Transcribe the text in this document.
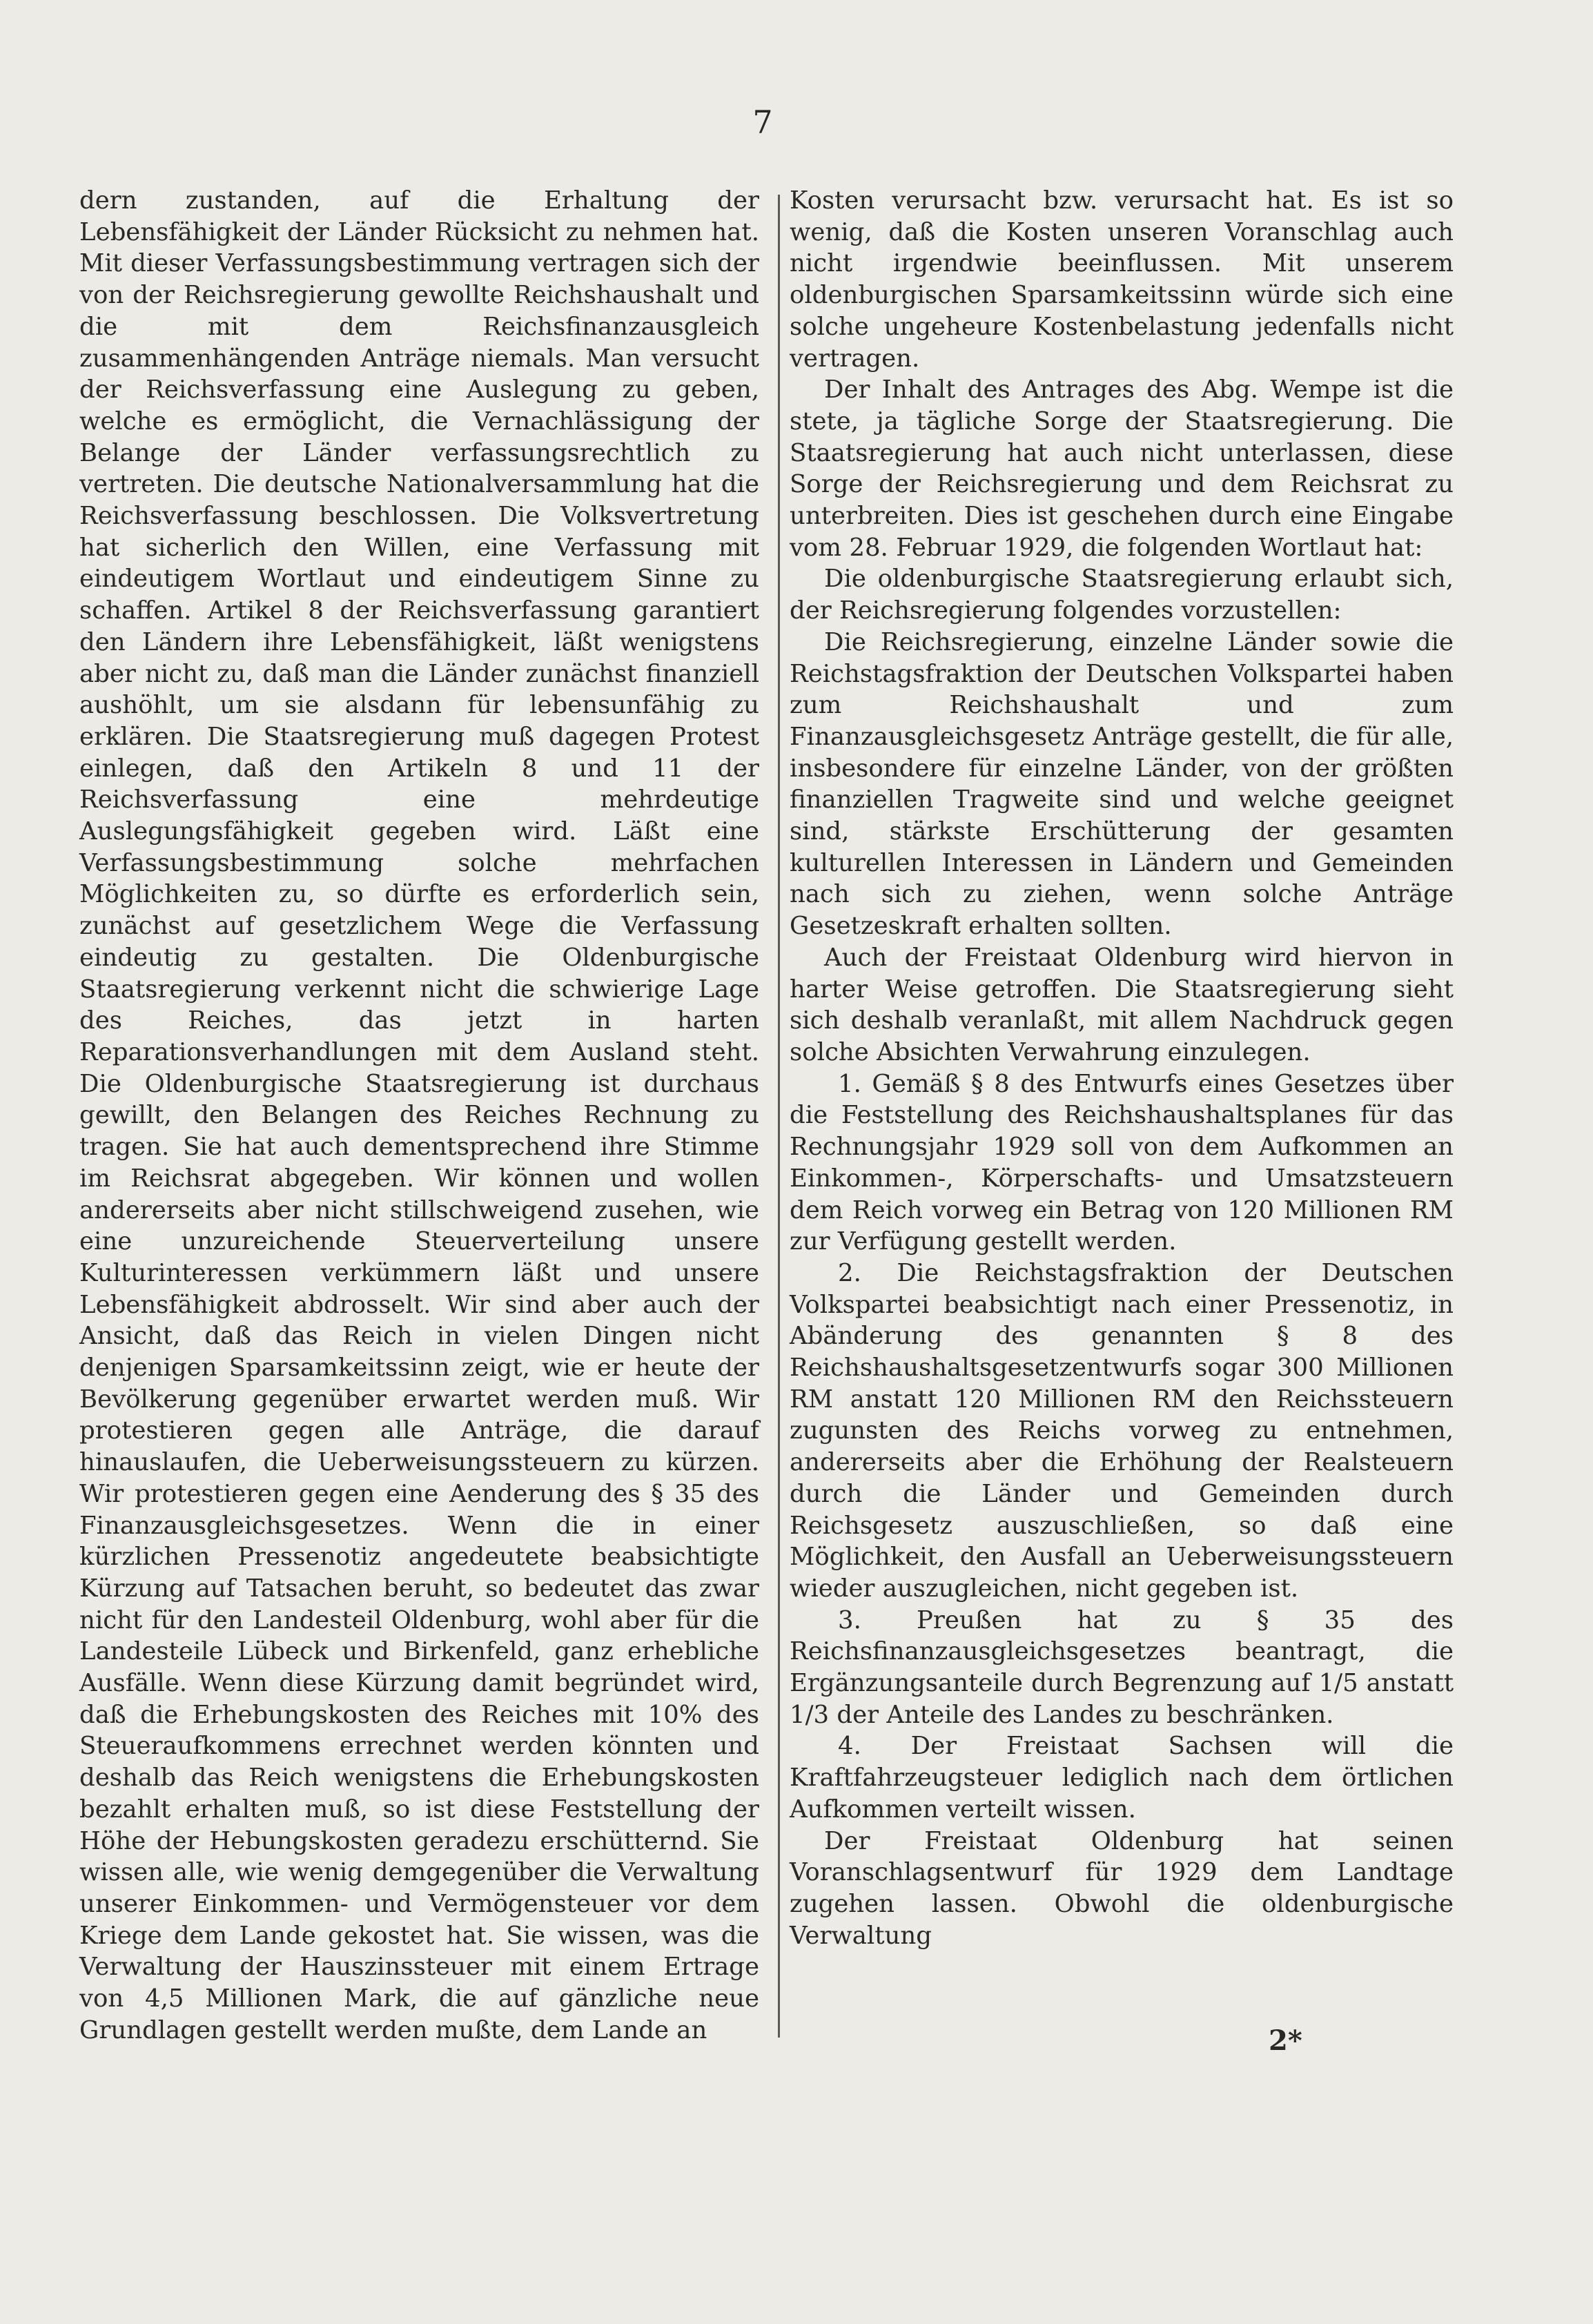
7

dern zustanden, auf die Erhaltung der Lebensfähigkeit der Länder Rücksicht zu nehmen hat. Mit dieser Verfassungsbestimmung vertragen sich der von der Reichsregierung gewollte Reichshaushalt und die mit dem Reichsfinanzausgleich zusammenhängenden Anträge niemals. Man versucht der Reichsverfassung eine Auslegung zu geben, welche es ermöglicht, die Vernachlässigung der Belange der Länder verfassungsrechtlich zu vertreten. Die deutsche Nationalversammlung hat die Reichsverfassung beschlossen. Die Volksvertretung hat sicherlich den Willen, eine Verfassung mit eindeutigem Wortlaut und eindeutigem Sinne zu schaffen. Artikel 8 der Reichsverfassung garantiert den Ländern ihre Lebensfähigkeit, läßt wenigstens aber nicht zu, daß man die Länder zunächst finanziell aushöhlt, um sie alsdann für lebensunfähig zu erklären. Die Staatsregierung muß dagegen Protest einlegen, daß den Artikeln 8 und 11 der Reichsverfassung eine mehrdeutige Auslegungsfähigkeit gegeben wird. Läßt eine Verfassungsbestimmung solche mehrfachen Möglichkeiten zu, so dürfte es erforderlich sein, zunächst auf gesetzlichem Wege die Verfassung eindeutig zu gestalten. Die Oldenburgische Staatsregierung verkennt nicht die schwierige Lage des Reiches, das jetzt in harten Reparationsverhandlungen mit dem Ausland steht. Die Oldenburgische Staatsregierung ist durchaus gewillt, den Belangen des Reiches Rechnung zu tragen. Sie hat auch dementsprechend ihre Stimme im Reichsrat abgegeben. Wir können und wollen andererseits aber nicht stillschweigend zusehen, wie eine unzureichende Steuerverteilung unsere Kulturinteressen verkümmern läßt und unsere Lebensfähigkeit abdrosselt. Wir sind aber auch der Ansicht, daß das Reich in vielen Dingen nicht denjenigen Sparsamkeitssinn zeigt, wie er heute der Bevölkerung gegenüber erwartet werden muß. Wir protestieren gegen alle Anträge, die darauf hinauslaufen, die Ueberweisungssteuern zu kürzen. Wir protestieren gegen eine Aenderung des § 35 des Finanzausgleichsgesetzes. Wenn die in einer kürzlichen Pressenotiz angedeutete beabsichtigte Kürzung auf Tatsachen beruht, so bedeutet das zwar nicht für den Landesteil Oldenburg, wohl aber für die Landesteile Lübeck und Birkenfeld, ganz erhebliche Ausfälle. Wenn diese Kürzung damit begründet wird, daß die Erhebungskosten des Reiches mit 10% des Steueraufkommens errechnet werden könnten und deshalb das Reich wenigstens die Erhebungskosten bezahlt erhalten muß, so ist diese Feststellung der Höhe der Hebungskosten geradezu erschütternd. Sie wissen alle, wie wenig demgegenüber die Verwaltung unserer Einkommen- und Vermögensteuer vor dem Kriege dem Lande gekostet hat. Sie wissen, was die Verwaltung der Hauszinssteuer mit einem Ertrage von 4,5 Millionen Mark, die auf gänzliche neue Grundlagen gestellt werden mußte, dem Lande an

Kosten verursacht bzw. verursacht hat. Es ist so wenig, daß die Kosten unseren Voranschlag auch nicht irgendwie beeinflussen. Mit unserem oldenburgischen Sparsamkeitssinn würde sich eine solche ungeheure Kostenbelastung jedenfalls nicht vertragen.

Der Inhalt des Antrages des Abg. Wempe ist die stete, ja tägliche Sorge der Staatsregierung. Die Staatsregierung hat auch nicht unterlassen, diese Sorge der Reichsregierung und dem Reichsrat zu unterbreiten. Dies ist geschehen durch eine Eingabe vom 28. Februar 1929, die folgenden Wortlaut hat:

Die oldenburgische Staatsregierung erlaubt sich, der Reichsregierung folgendes vorzustellen:

Die Reichsregierung, einzelne Länder sowie die Reichstagsfraktion der Deutschen Volkspartei haben zum Reichshaushalt und zum Finanzausgleichsgesetz Anträge gestellt, die für alle, insbesondere für einzelne Länder, von der größten finanziellen Tragweite sind und welche geeignet sind, stärkste Erschütterung der gesamten kulturellen Interessen in Ländern und Gemeinden nach sich zu ziehen, wenn solche Anträge Gesetzeskraft erhalten sollten.

Auch der Freistaat Oldenburg wird hiervon in harter Weise getroffen. Die Staatsregierung sieht sich deshalb veranlaßt, mit allem Nachdruck gegen solche Absichten Verwahrung einzulegen.

1. Gemäß § 8 des Entwurfs eines Gesetzes über die Feststellung des Reichshaushaltsplanes für das Rechnungsjahr 1929 soll von dem Aufkommen an Einkommen-, Körperschafts- und Umsatzsteuern dem Reich vorweg ein Betrag von 120 Millionen RM zur Verfügung gestellt werden.

2. Die Reichstagsfraktion der Deutschen Volkspartei beabsichtigt nach einer Pressenotiz, in Abänderung des genannten § 8 des Reichshaushaltsgesetzentwurfs sogar 300 Millionen RM anstatt 120 Millionen RM den Reichssteuern zugunsten des Reichs vorweg zu entnehmen, andererseits aber die Erhöhung der Realsteuern durch die Länder und Gemeinden durch Reichsgesetz auszuschließen, so daß eine Möglichkeit, den Ausfall an Ueberweisungssteuern wieder auszugleichen, nicht gegeben ist.

3. Preußen hat zu § 35 des Reichsfinanzausgleichsgesetzes beantragt, die Ergänzungsanteile durch Begrenzung auf 1/5 anstatt 1/3 der Anteile des Landes zu beschränken.

4. Der Freistaat Sachsen will die Kraftfahrzeugsteuer lediglich nach dem örtlichen Aufkommen verteilt wissen.

Der Freistaat Oldenburg hat seinen Voranschlagsentwurf für 1929 dem Landtage zugehen lassen. Obwohl die oldenburgische Verwaltung

2*
